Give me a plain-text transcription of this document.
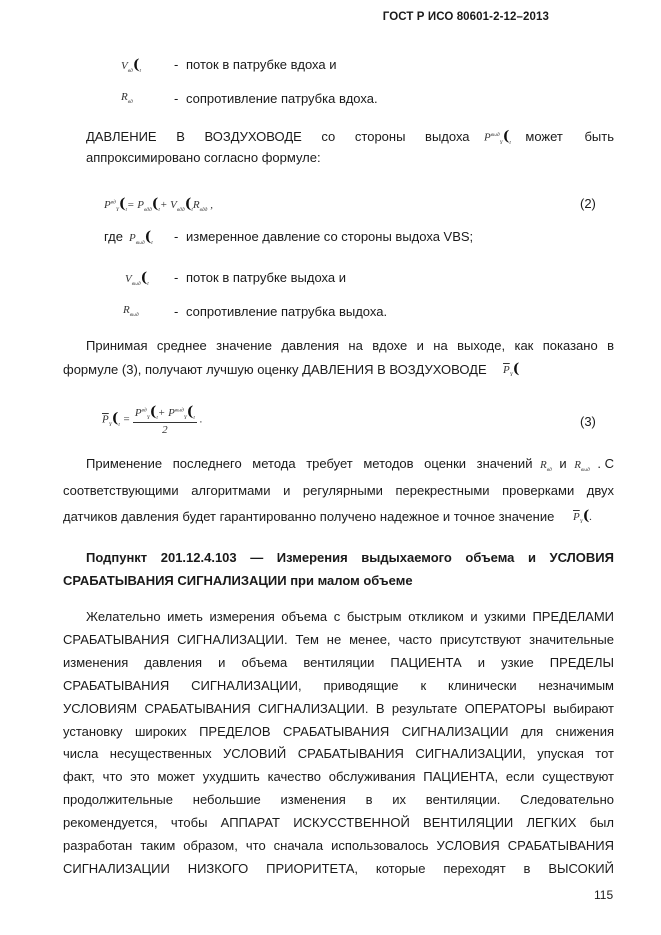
ГОСТ Р ИСО 80601-2-12–2013
$V_{вд}(_t$	- поток в патрубке вдоха и
$R_{вд}$	- сопротивление патрубка вдоха.
ДАВЛЕНИЕ В ВОЗДУХОВОДЕ со стороны выдоха $P^{выд}_Y(_t$ может быть
аппроксимировано согласно формуле:
$P^{вд}_Y(_t= P_{вдд}(_t+ V_{вдд}(_tR_{вдд}$ ,	(2)
где $P_{выд}(_t$ - измеренное давление со стороны выдоха VBS;
$V_{выд}(_t$ - поток в патрубке выдоха и
$R_{выд}$	- сопротивление патрубка выдоха.
Принимая среднее значение давления на вдохе и на выходе, как показано в
формуле (3), получают лучшую оценку ДАВЛЕНИЯ В ВОЗДУХОВОДЕ $\overline{P}_Y$(
$\overline{P}_Y(_t = \frac{P^{вд}_Y(_t+ P^{выд}_Y(_t}{2}$ .	(3)
Применение последнего метода требует методов оценки значений $R_{вд}$ и $R_{выд}$ . С
соответствующими алгоритмами и регулярными перекрестными проверками двух
датчиков давления будет гарантированно получено надежное и точное значение $\overline{P}_Y$(.
Подпункт 201.12.4.103 — Измерения выдыхаемого объема и УСЛОВИЯ
СРАБАТЫВАНИЯ СИГНАЛИЗАЦИИ при малом объеме
Желательно иметь измерения объема с быстрым откликом и узкими ПРЕДЕЛАМИ
СРАБАТЫВАНИЯ СИГНАЛИЗАЦИИ. Тем не менее, часто присутствуют значительные
изменения давления и объема вентиляции ПАЦИЕНТА и узкие ПРЕДЕЛЫ
СРАБАТЫВАНИЯ СИГНАЛИЗАЦИИ, приводящие к клинически незначимым
УСЛОВИЯМ СРАБАТЫВАНИЯ СИГНАЛИЗАЦИИ. В результате ОПЕРАТОРЫ выбирают
установку широких ПРЕДЕЛОВ СРАБАТЫВАНИЯ СИГНАЛИЗАЦИИ для снижения
числа несущественных УСЛОВИЙ СРАБАТЫВАНИЯ СИГНАЛИЗАЦИИ, упуская тот
факт, что это может ухудшить качество обслуживания ПАЦИЕНТА, если существуют
продолжительные небольшие изменения в их вентиляции. Следовательно
рекомендуется, чтобы АППАРАТ ИСКУССТВЕННОЙ ВЕНТИЛЯЦИИ ЛЕГКИХ был
разработан таким образом, что сначала использовалось УСЛОВИЯ СРАБАТЫВАНИЯ
СИГНАЛИЗАЦИИ НИЗКОГО ПРИОРИТЕТА, которые переходят в ВЫСОКИЙ
115
